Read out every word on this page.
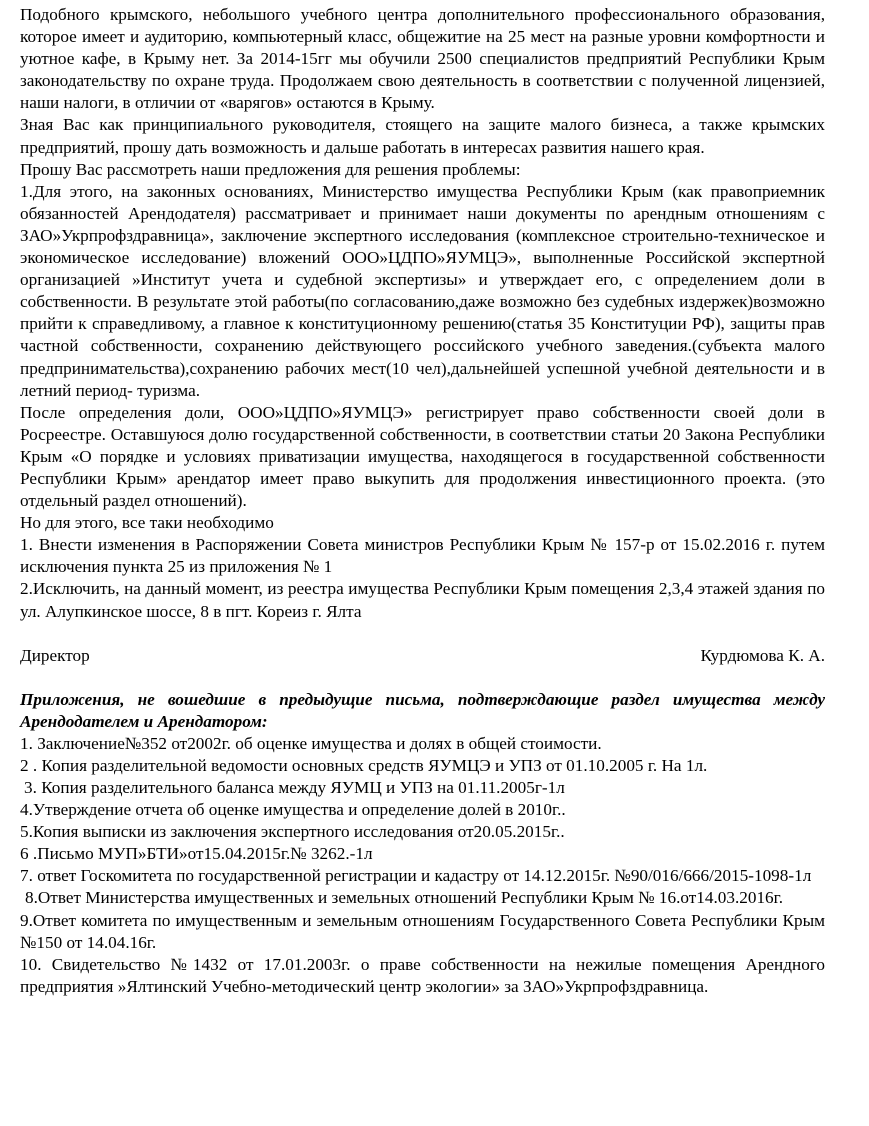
Подобного крымского, небольшого учебного центра дополнительного профессионального образования, которое имеет и аудиторию, компьютерный класс, общежитие на 25 мест на разные уровни комфортности и уютное кафе, в Крыму нет. За 2014-15гг мы обучили 2500 специалистов предприятий Республики Крым законодательству по охране труда. Продолжаем свою деятельность в соответствии с полученной лицензией, наши налоги, в отличии от «варягов» остаются в Крыму.

Зная Вас как принципиального руководителя, стоящего на защите малого бизнеса, а также крымских предприятий, прошу дать возможность и дальше работать в интересах развития нашего края.

Прошу Вас рассмотреть наши предложения для решения проблемы:

1.Для этого, на законных основаниях, Министерство имущества Республики Крым (как правоприемник обязанностей Арендодателя) рассматривает и принимает наши документы по арендным отношениям с ЗАО»Укрпрофздравница», заключение экспертного исследования (комплексное строительно-техническое и экономическое исследование) вложений ООО»ЦДПО»ЯУМЦЭ», выполненные Российской экспертной организацией »Институт учета и судебной экспертизы» и утверждает его, с определением доли в собственности. В результате этой работы(по согласованию,даже возможно без судебных издержек)возможно прийти к справедливому, а главное к конституционному решению(статья 35 Конституции РФ), защиты прав частной собственности, сохранению действующего российского учебного заведения.(субъекта малого предпринимательства),сохранению рабочих мест(10 чел),дальнейшей успешной учебной деятельности и в летний период- туризма.

После определения доли, ООО»ЦДПО»ЯУМЦЭ» регистрирует право собственности своей доли в Росреестре. Оставшуюся долю государственной собственности, в соответствии статьи 20 Закона Республики Крым «О порядке и условиях приватизации имущества, находящегося в государственной собственности Республики Крым» арендатор имеет право выкупить для продолжения инвестиционного проекта. (это отдельный раздел отношений).

Но для этого, все таки необходимо

1. Внести изменения в Распоряжении Совета министров Республики Крым № 157-р от 15.02.2016 г. путем исключения пункта 25 из приложения № 1

2.Исключить, на данный момент, из реестра имущества Республики Крым помещения 2,3,4 этажей здания по ул. Алупкинское шоссе, 8 в пгт. Кореиз г. Ялта

Директор	Курдюмова К. А.

Приложения, не вошедшие в предыдущие письма, подтверждающие раздел имущества между Арендодателем и Арендатором:

1. Заключение№352 от2002г. об оценке имущества и долях в общей стоимости.

2 . Копия разделительной ведомости основных средств ЯУМЦЭ и УПЗ от 01.10.2005 г. На 1л.

3. Копия разделительного баланса между ЯУМЦ и УПЗ на 01.11.2005г-1л

4.Утверждение отчета об оценке имущества и определение долей в 2010г..

5.Копия выписки из заключения экспертного исследования от20.05.2015г..

6 .Письмо МУП»БТИ»от15.04.2015г.№ 3262.-1л

7. ответ Госкомитета по государственной регистрации и кадастру от 14.12.2015г. №90/016/666/2015-1098-1л

8.Ответ Министерства имущественных и земельных отношений Республики Крым № 16.от14.03.2016г.

9.Ответ комитета по имущественным и земельным отношениям Государственного Совета Республики Крым №150 от 14.04.16г.

10. Свидетельство №1432 от 17.01.2003г. о праве собственности на нежилые помещения Арендного предприятия »Ялтинский Учебно-методический центр экологии» за ЗАО»Укрпрофздравница.
